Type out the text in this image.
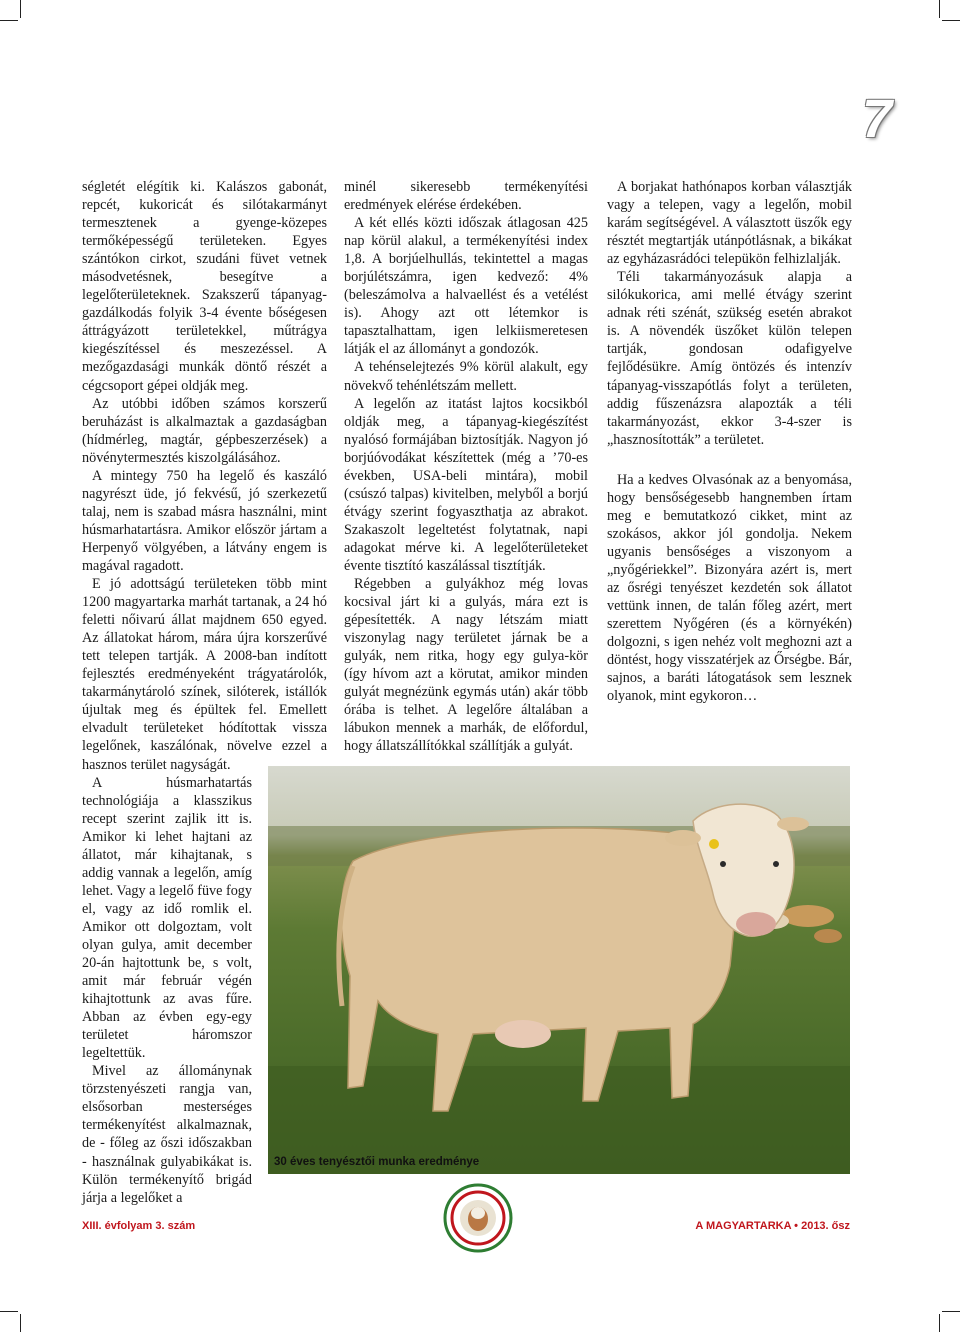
7

ségletét elégítik ki. Kalászos gabonát, repcét, kukoricát és silótakarmányt termesztenek a gyenge-közepes termőképességű területeken. Egyes szántókon cirkot, szudáni füvet vetnek másodvetésnek, besegítve a legelőterületeknek. Szakszerű tápanyag-gazdálkodás folyik 3-4 évente bőségesen áttrágyázott területekkel, műtrágya kiegészítéssel és meszezéssel. A mezőgazdasági munkák döntő részét a cégcsoport gépei oldják meg.

Az utóbbi időben számos korszerű beruházást is alkalmaztak a gazdaságban (hídmérleg, magtár, gépbeszerzések) a növénytermesztés kiszolgálásához.

A mintegy 750 ha legelő és kaszáló nagyrészt üde, jó fekvésű, jó szerkezetű talaj, nem is szabad másra használni, mint húsmarhatartásra. Amikor először jártam a Herpenyő völgyében, a látvány engem is magával ragadott.

E jó adottságú területeken több mint 1200 magyartarka marhát tartanak, a 24 hó feletti nőivarú állat majdnem 650 egyed. Az állatokat három, mára újra korszerűvé tett telepen tartják. A 2008-ban indított fejlesztés eredményeként trágyatárolók, takarmánytároló színek, silóterek, istállók újultak meg és épültek fel. Emellett elvadult területeket hódítottak vissza legelőnek, kaszálónak, növelve ezzel a hasznos terület nagyságát.

A húsmarhatartás technológiája a klasszikus recept szerint zajlik itt is. Amikor ki lehet hajtani az állatot, már kihajtanak, s addig vannak a legelőn, amíg lehet. Vagy a legelő füve fogy el, vagy az idő romlik el. Amikor ott dolgoztam, volt olyan gulya, amit december 20-án hajtottunk be, s volt, amit már február végén kihajtottunk az avas fűre. Abban az évben egy-egy területet háromszor legeltettük.

Mivel az állománynak törzstenyészeti rangja van, elsősorban mesterséges termékenyítést alkalmaznak, de - főleg az őszi időszakban - használnak gulyabikákat is. Külön termékenyítő brigád járja a legelőket a

minél sikeresebb termékenyítési eredmények elérése érdekében.

A két ellés közti időszak átlagosan 425 nap körül alakul, a termékenyítési index 1,8. A borjúelhullás, tekintettel a magas borjúlétszámra, igen kedvező: 4% (beleszámolva a halvaellést és a vetélést is). Ahogy azt ott létemkor is tapasztalhattam, igen lelkiismeretesen látják el az állományt a gondozók.

A tehénselejtezés 9% körül alakult, egy növekvő tehénlétszám mellett.

A legelőn az itatást lajtos kocsikból oldják meg, a tápanyag-kiegészítést nyalósó formájában biztosítják. Nagyon jó borjúóvodákat készítettek (még a ’70-es években, USA-beli mintára), mobil (csúszó talpas) kivitelben, melyből a borjú étvágy szerint fogyaszthatja az abrakot. Szakaszolt legeltetést folytatnak, napi adagokat mérve ki. A legelőterületeket évente tisztító kaszálással tisztítják.

Régebben a gulyákhoz még lovas kocsival járt ki a gulyás, mára ezt is gépesítették. A nagy létszám miatt viszonylag nagy területet járnak be a gulyák, nem ritka, hogy egy gulya-kör (így hívom azt a körutat, amikor minden gulyát megnézünk egymás után) akár több órába is telhet. A legelőre általában a lábukon mennek a marhák, de előfordul, hogy állatszállítókkal szállítják a gulyát.

A borjakat hathónapos korban választják vagy a telepen, vagy a legelőn, mobil karám segítségével. A választott üszők egy résztét megtartják utánpótlásnak, a bikákat az egyházasrádóci telepükön felhizlalják.

Téli takarmányozásuk alapja a silókukorica, ami mellé étvágy szerint adnak réti szénát, szükség esetén abrakot is. A növendék üszőket külön telepen tartják, gondosan odafigyelve fejlődésükre. Amíg öntözés és intenzív tápanyag-visszapótlás folyt a területen, addig fűszenázsra alapozták a téli takarmányozást, ekkor 3-4-szer is „hasznosították” a területet.

Ha a kedves Olvasónak az a benyomása, hogy bensőségesebb hangnemben írtam meg e bemutatkozó cikket, mint az szokásos, akkor jól gondolja. Nekem ugyanis bensőséges a viszonyom a „nyőgériekkel”. Bizonyára azért is, mert az ősrégi tenyészet kezdetén sok állatot vettünk innen, de talán főleg azért, mert szerettem Nyőgéren (és a környékén) dolgozni, s igen nehéz volt meghozni azt a döntést, hogy visszatérjek az Őrségbe. Bár, sajnos, a baráti látogatások sem lesznek olyanok, mint egykoron…

30 éves tenyésztői munka eredménye
XIII. évfolyam 3. szám	A MAGYARTARKA • 2013. ősz
